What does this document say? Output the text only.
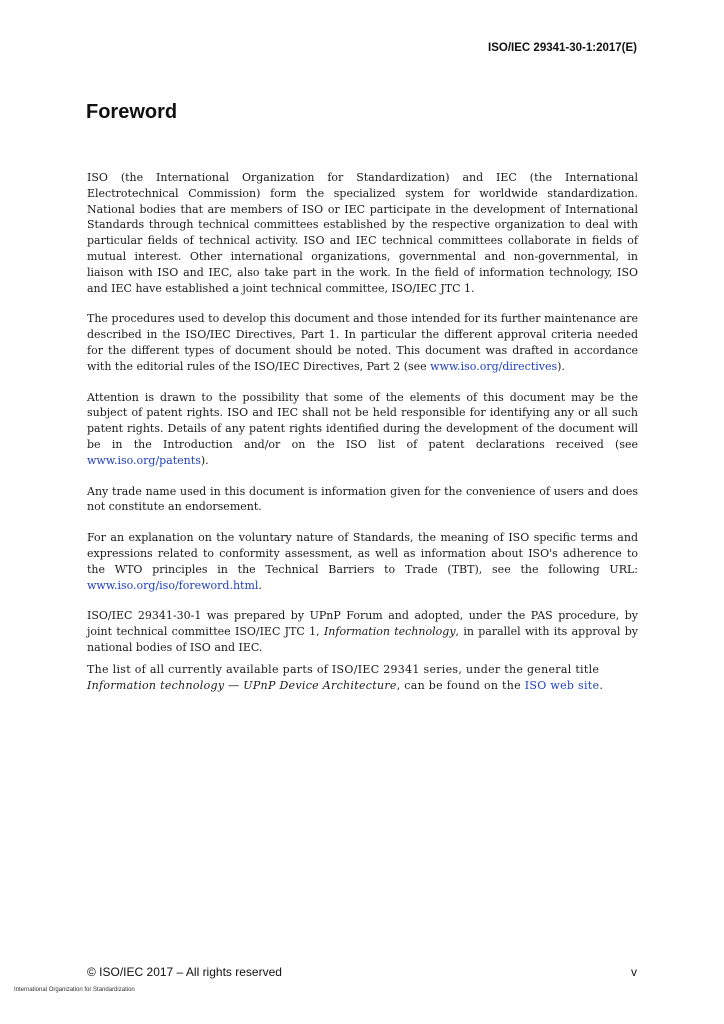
ISO/IEC 29341-30-1:2017(E)
Foreword

ISO (the International Organization for Standardization) and IEC (the International Electrotechnical Commission) form the specialized system for worldwide standardization. National bodies that are members of ISO or IEC participate in the development of International Standards through technical committees established by the respective organization to deal with particular fields of technical activity. ISO and IEC technical committees collaborate in fields of mutual interest. Other international organizations, governmental and non-governmental, in liaison with ISO and IEC, also take part in the work. In the field of information technology, ISO and IEC have established a joint technical committee, ISO/IEC JTC 1.

The procedures used to develop this document and those intended for its further maintenance are described in the ISO/IEC Directives, Part 1. In particular the different approval criteria needed for the different types of document should be noted. This document was drafted in accordance with the editorial rules of the ISO/IEC Directives, Part 2 (see www.iso.org/directives).

Attention is drawn to the possibility that some of the elements of this document may be the subject of patent rights. ISO and IEC shall not be held responsible for identifying any or all such patent rights. Details of any patent rights identified during the development of the document will be in the Introduction and/or on the ISO list of patent declarations received (see www.iso.org/patents).

Any trade name used in this document is information given for the convenience of users and does not constitute an endorsement.

For an explanation on the voluntary nature of Standards, the meaning of ISO specific terms and expressions related to conformity assessment, as well as information about ISO's adherence to the WTO principles in the Technical Barriers to Trade (TBT), see the following URL: www.iso.org/iso/foreword.html.

ISO/IEC 29341-30-1 was prepared by UPnP Forum and adopted, under the PAS procedure, by joint technical committee ISO/IEC JTC 1, Information technology, in parallel with its approval by national bodies of ISO and IEC.

The list of all currently available parts of ISO/IEC 29341 series, under the general title Information technology — UPnP Device Architecture, can be found on the ISO web site.

© ISO/IEC 2017 – All rights reserved	v
International Organization for Standardization
